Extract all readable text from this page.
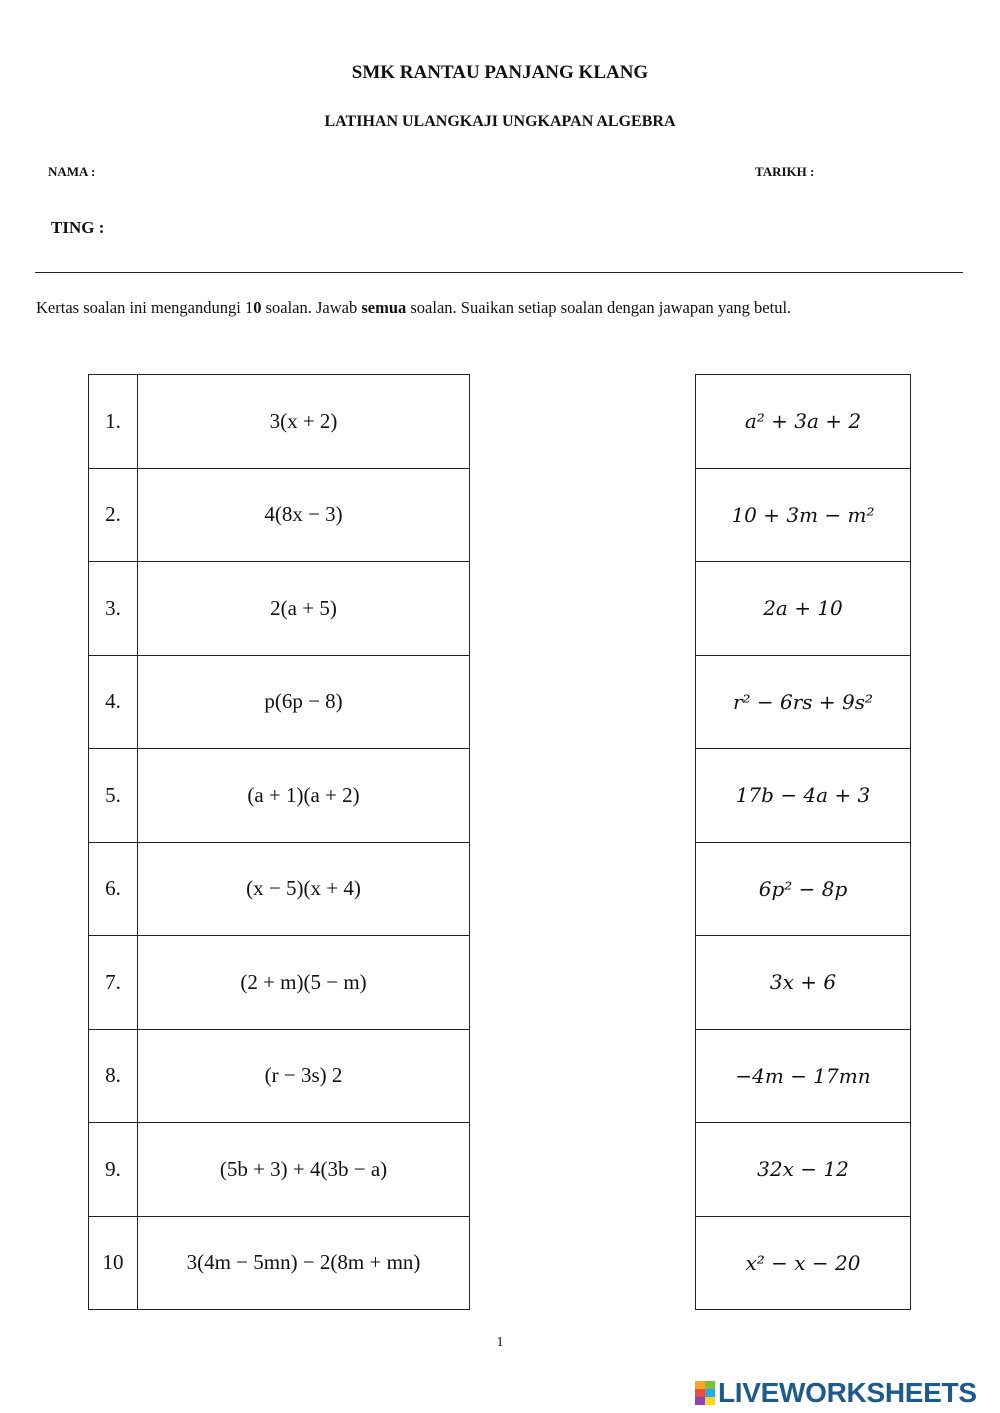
SMK RANTAU PANJANG KLANG
LATIHAN ULANGKAJI UNGKAPAN ALGEBRA
NAMA :	TARIKH :
TING :
Kertas soalan ini mengandungi 10 soalan. Jawab semua soalan. Suaikan setiap soalan dengan jawapan yang betul.
1.	3(x + 2)
2.	4(8x − 3)
3.	2(a + 5)
4.	p(6p − 8)
5.	(a + 1)(a + 2)
6.	(x − 5)(x + 4)
7.	(2 + m)(5 − m)
8.	(r − 3s) 2
9.	(5b + 3) + 4(3b − a)
10	3(4m − 5mn) − 2(8m + mn)
a² + 3a + 2
10 + 3m − m²
2a + 10
r² − 6rs + 9s²
17b − 4a + 3
6p² − 8p
3x + 6
−4m − 17mn
32x − 12
x² − x − 20
1
LIVEWORKSHEETS
